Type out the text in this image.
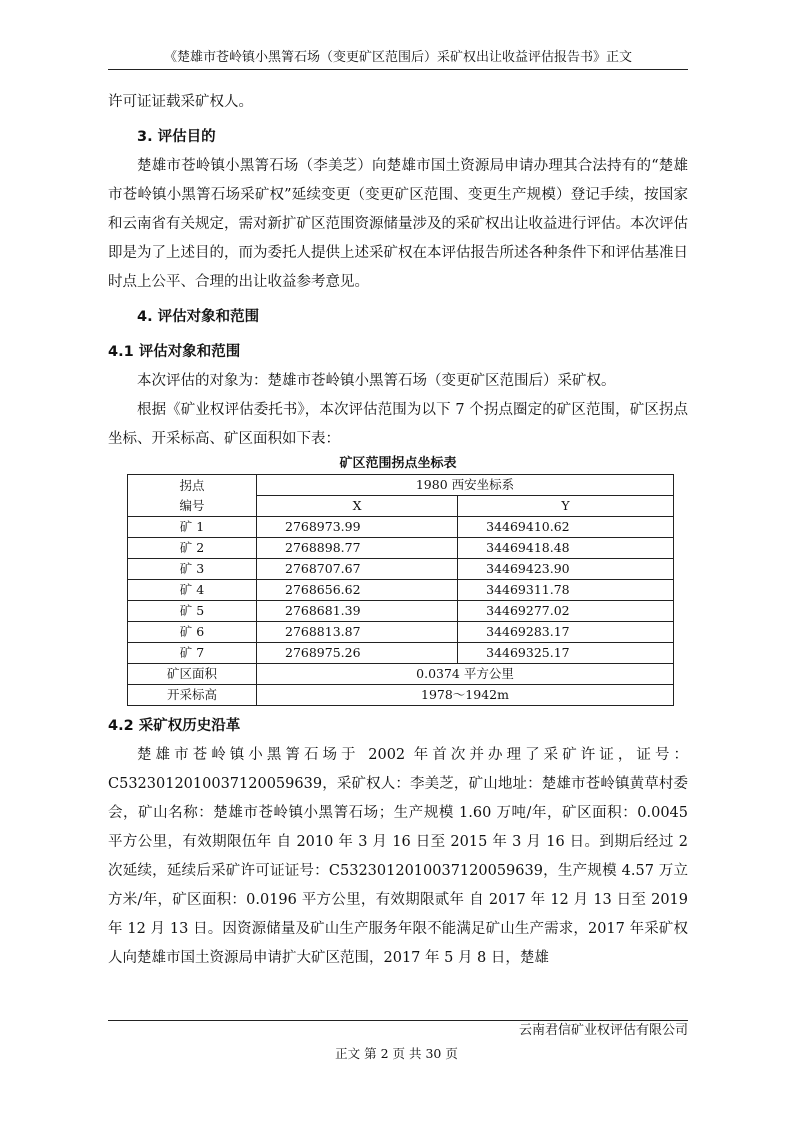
《楚雄市苍岭镇小黑箐石场（变更矿区范围后）采矿权出让收益评估报告书》正文

许可证证载采矿权人。

3. 评估目的

楚雄市苍岭镇小黑箐石场（李美芝）向楚雄市国土资源局申请办理其合法持有的“楚雄市苍岭镇小黑箐石场采矿权”延续变更（变更矿区范围、变更生产规模）登记手续，按国家和云南省有关规定，需对新扩矿区范围资源储量涉及的采矿权出让收益进行评估。本次评估即是为了上述目的，而为委托人提供上述采矿权在本评估报告所述各种条件下和评估基准日时点上公平、合理的出让收益参考意见。

4. 评估对象和范围

4.1 评估对象和范围

本次评估的对象为：楚雄市苍岭镇小黑箐石场（变更矿区范围后）采矿权。

根据《矿业权评估委托书》，本次评估范围为以下 7 个拐点圈定的矿区范围，矿区拐点坐标、开采标高、矿区面积如下表：

矿区范围拐点坐标表

拐点
编号	1980 西安坐标系	
	X	Y
矿 1	2768973.99	34469410.62
矿 2	2768898.77	34469418.48
矿 3	2768707.67	34469423.90
矿 4	2768656.62	34469311.78
矿 5	2768681.39	34469277.02
矿 6	2768813.87	34469283.17
矿 7	2768975.26	34469325.17
矿区面积	0.0374 平方公里	
开采标高	1978～1942m	

4.2 采矿权历史沿革

楚雄市苍岭镇小黑箐石场于 2002 年首次并办理了采矿许证，证号：C5323012010037120059639，采矿权人：李美芝，矿山地址：楚雄市苍岭镇黄草村委会，矿山名称：楚雄市苍岭镇小黑箐石场；生产规模 1.60 万吨/年，矿区面积：0.0045 平方公里，有效期限伍年 自 2010 年 3 月 16 日至 2015 年 3 月 16 日。到期后经过 2 次延续，延续后采矿许可证证号：C5323012010037120059639，生产规模 4.57 万立方米/年，矿区面积：0.0196 平方公里，有效期限贰年 自 2017 年 12 月 13 日至 2019 年 12 月 13 日。因资源储量及矿山生产服务年限不能满足矿山生产需求，2017 年采矿权人向楚雄市国土资源局申请扩大矿区范围，2017 年 5 月 8 日，楚雄

云南君信矿业权评估有限公司
正文 第 2 页 共 30 页
